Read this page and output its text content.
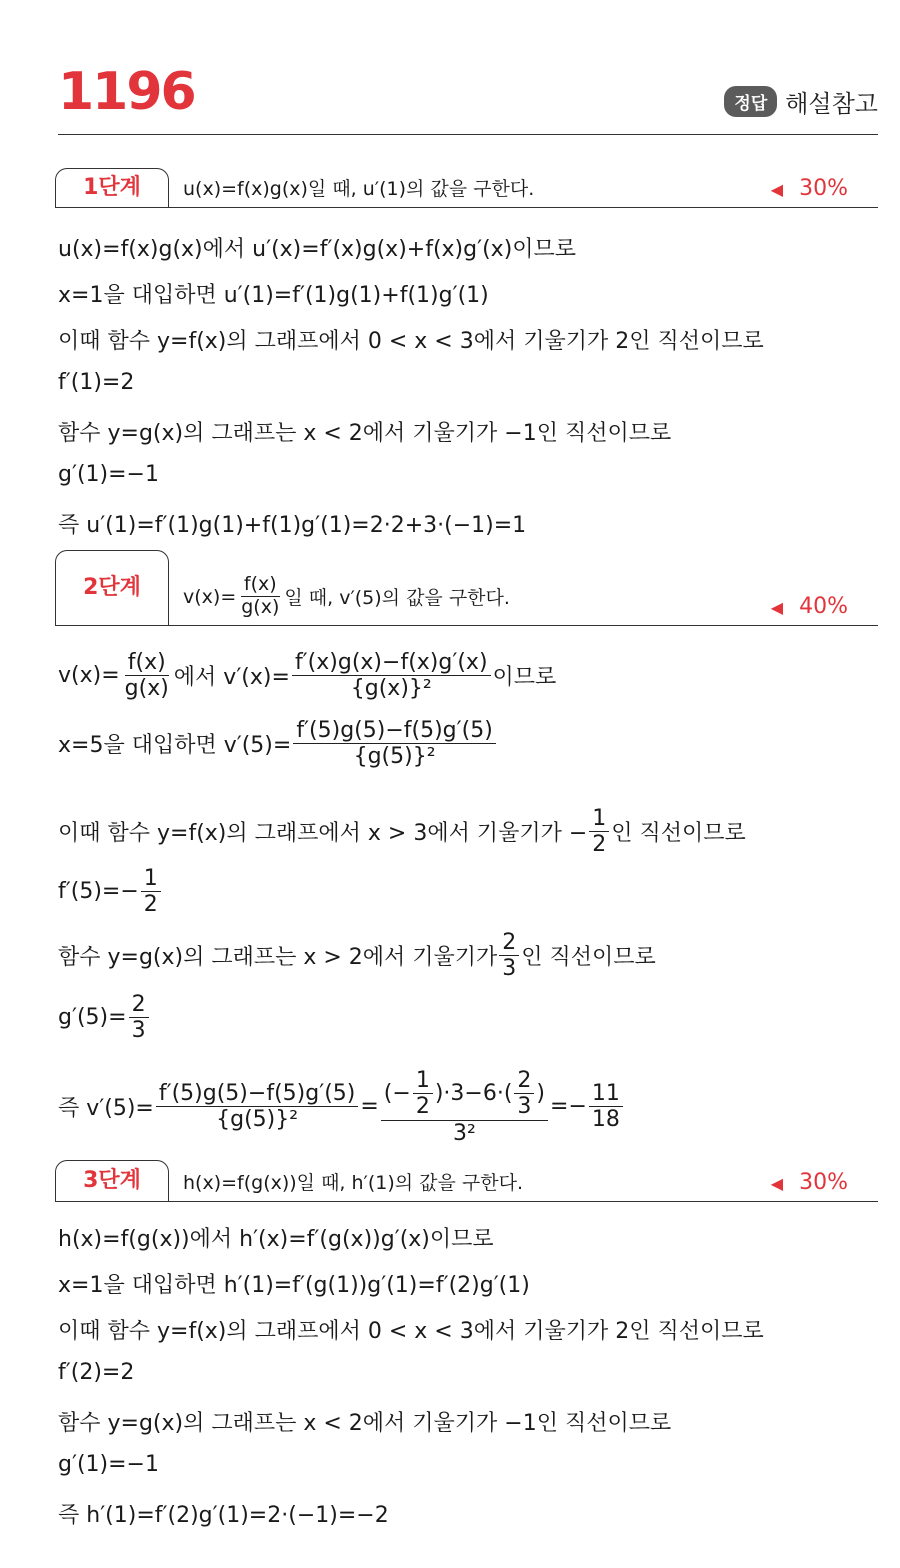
1196	정답 해설참고
1단계	u(x)=f(x)g(x)일 때, u′(1)의 값을 구한다.	◀ 30%
u(x)=f(x)g(x)에서 u′(x)=f′(x)g(x)+f(x)g′(x)이므로
x=1을 대입하면 u′(1)=f′(1)g(1)+f(1)g′(1)
이때 함수 y=f(x)의 그래프에서 0 < x < 3에서 기울기가 2인 직선이므로
f′(1)=2
함수 y=g(x)의 그래프는 x < 2에서 기울기가 −1인 직선이므로
g′(1)=−1
즉 u′(1)=f′(1)g(1)+f(1)g′(1)=2·2+3·(−1)=1
2단계	$v(x)= \frac{f(x)}{g(x)}$ 일 때, v′(5)의 값을 구한다.	◀ 40%
$v(x)= \frac{f(x)}{g(x)}$ 에서 $v'(x)= \frac{f'(x)g(x)-f(x)g'(x)}{\text{\{g(x)\}²}}$ 이므로
x=5을 대입하면 $v'(5)= \frac{f'(5)g(5)-f(5)g'(5)}{\text{\{g(5)\}²}}$
이때 함수 y=f(x)의 그래프에서 x > 3에서 기울기가 − $\frac{1}{2}$ 인 직선이므로
$f'(5)=- \frac{1}{2}$
함수 y=g(x)의 그래프는 x > 2에서 기울기가 $\frac{2}{3}$ 인 직선이므로
$g'(5)= \frac{2}{3}$
즉 $v'(5)= \frac{f'(5)g(5)-f(5)g'(5)}{\text{\{g(5)\}²}} = \frac{(- \frac{1}{2} )\cdot 3-6\cdot( \frac{2}{3} )}{\text{3²}} =- \frac{11}{18}$
3단계	h(x)=f(g(x))일 때, h′(1)의 값을 구한다.	◀ 30%
h(x)=f(g(x))에서 h′(x)=f′(g(x))g′(x)이므로
x=1을 대입하면 h′(1)=f′(g(1))g′(1)=f′(2)g′(1)
이때 함수 y=f(x)의 그래프에서 0 < x < 3에서 기울기가 2인 직선이므로
f′(2)=2
함수 y=g(x)의 그래프는 x < 2에서 기울기가 −1인 직선이므로
g′(1)=−1
즉 h′(1)=f′(2)g′(1)=2·(−1)=−2
